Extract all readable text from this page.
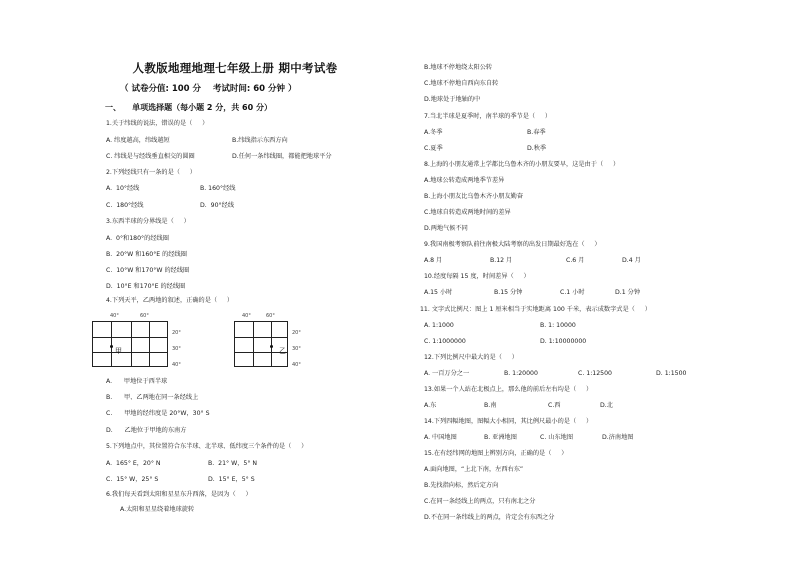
人教版地理地理七年级上册 期中考试卷
（ 试卷分值: 100 分    考试时间: 60 分钟 ）
一、    单项选择题（每小题 2 分，共 60 分）
1.关于纬线的说法，错误的是（     ）
A. 纬度越高，纬线越短	B.纬线指示东西方向
C. 纬线是与经线垂直相交的圆圈	D.任何一条纬线圈，都能把地球平分
2.下列经线只有一条的是（     ）
A.  10°经线	B. 160°经线
C.  180°经线	D.  90°经线
3.东西半球的分界线是（     ）
A.  0°和180°的经线圈
B.  20°W 和160°E 的经线圈
C.  10°W 和170°W 的经线圈
D.  10°E 和170°E 的经线圈
4.下列天平，乙两地的叙述，正确的是（     ）
40°	60°
甲
20°
30°
40°
40°	60°
乙
20°
30°
40°
A.      甲地位于西半球
B.      甲、乙两地在同一条经线上
C.      甲地的经纬度是 20°W，30° S
D.      乙地位于甲地的东南方
5.下列地点中，其位置符合东半球、北半球、低纬度三个条件的是（     ）
A.  165° E，20° N	B.  21° W，5° N
C.  15° W，25° S	D.  15° E，5° S
6.我们每天看到太阳和星星东升西落，是因为（     ）
A.太阳和星星绕着地球旋转
B.地球不停地绕太阳公转
C.地球不停地自西向东自转
D.地球处于地轴的中
7.当北半球是夏季时，南半球的季节是（     ）
A.冬季	B.春季
C.夏季	D.秋季
8.上海的小朋友通常上学都比乌鲁木齐的小朋友要早，这是由于（     ）
A.地球公转造成两地季节差异
B.上海小朋友比乌鲁木齐小朋友勤奋
C.地球自转造成两地时间的差异
D.两地气候不同
9.我国南极考察队前往南极大陆考察的出发日期最好选在（     ）
A.8 月	B.12 月	C.6 月	D.4 月
10.经度每隔 15 度，时间差异（     ）
A.15 小时	B.15 分钟	C.1 小时	D.1 分钟
11. 文字式比例尺：图上 1 厘米相当于实地距离 100 千米，表示成数字式是（     ）
A. 1:1000	B. 1: 10000
C. 1:1000000	D. 1:10000000
12.下列比例尺中最大的是（     ）
A. 一百万分之一	B. 1:20000	C. 1:12500	D. 1:1500
13.如果一个人站在北极点上，那么他的前后左右均是（     ）
A.东	B.南	C.西	D.北
14.下列四幅地图，图幅大小相同，其比例尺最小的是（     ）
A. 中国地图	B. 亚洲地图	C. 山东地图	D.济南地图
15.在有经纬网的地图上辨别方向，正确的是（     ）
A.面向地图，“上北下南，左西右东”
B.先找指向标，然后定方向
C.在同一条经线上的两点，只有南北之分
D.不在同一条纬线上的两点，肯定会有东西之分
